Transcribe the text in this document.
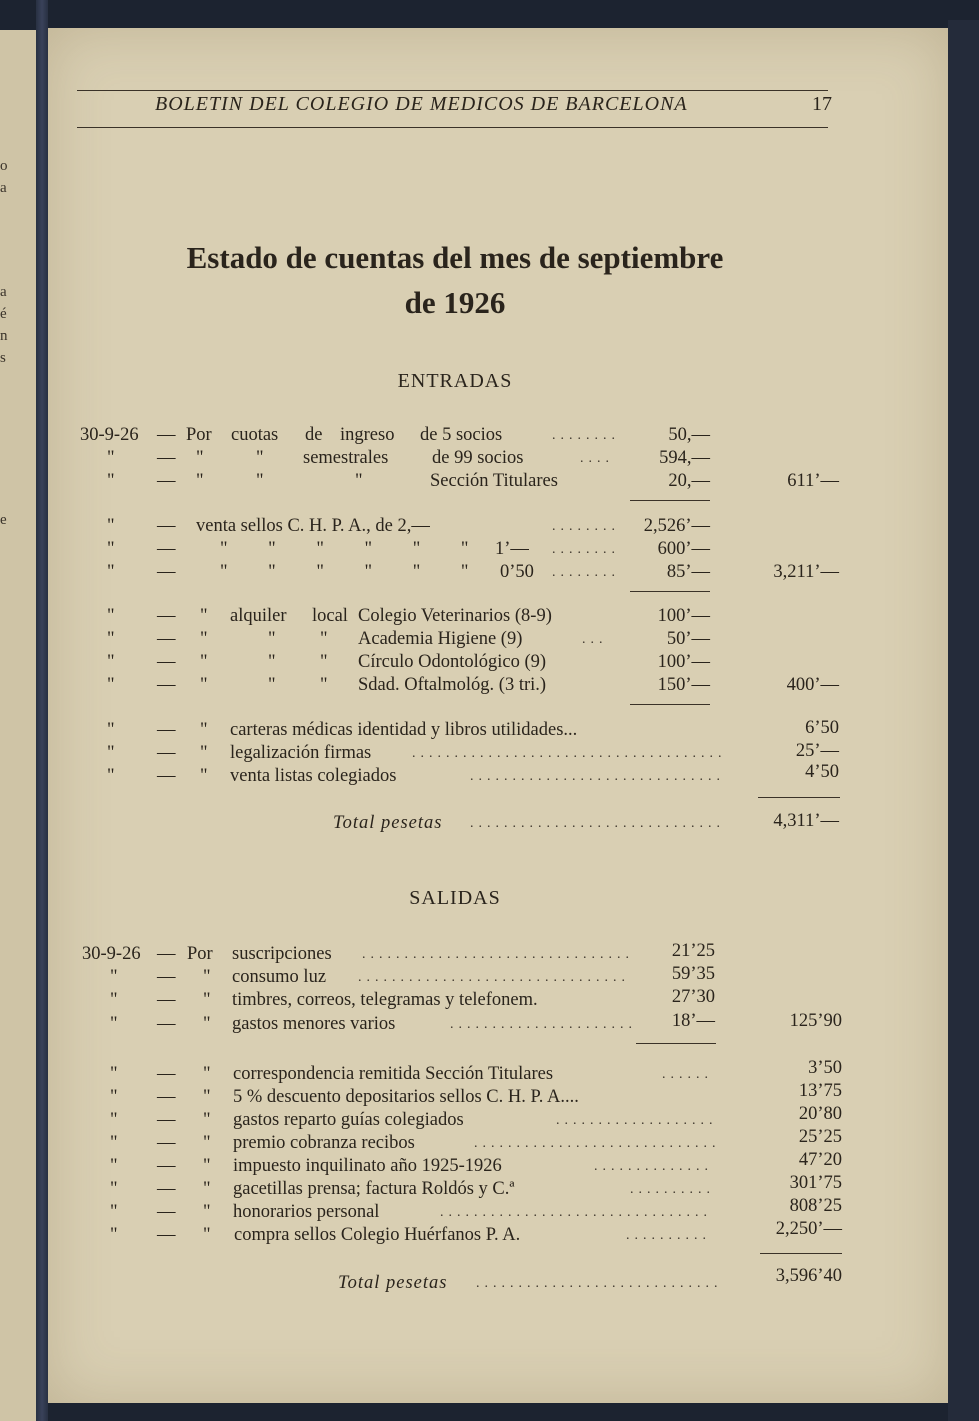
o
a
a
é
n
s
e
BOLETIN DEL COLEGIO DE MEDICOS DE BARCELONA	17
Estado de cuentas del mes de septiembre
de 1926
ENTRADAS
30-9-26 — Por cuotas de ingreso de 5 socios	........	50,—
" — "	" semestrales de 99 socios	....	594,—
" — "	"	"	Sección Titulares	20,—	611’—
" — venta sellos C. H. P. A., de 2,—	........	2,526’—
" — " " " " " " 1’— ........	600’—
" — " " " " " " 0’50 ........	85’—	3,211’—
" — " alquiler local Colegio Veterinarios (8-9)	100’—
" — "	" " Academia Higiene (9)	...	50’—
" — "	" " Círculo Odontológico (9)	100’—
" — "	" " Sdad. Oftalmológ. (3 tri.)	150’—	400’—
" — " carteras médicas identidad y libros utilidades...	6’50
" — " legalización firmas	.....................................	25’—
" — " venta listas colegiados	..............................	4’50
Total pesetas ..............................	4,311’—
SALIDAS
30-9-26 — Por suscripciones ................................	21’25
" — " consumo luz ................................	59’35
" — " timbres, correos, telegramas y telefonem.	27’30
" — " gastos menores varios	......................	18’—	125’90
" — " correspondencia remitida Sección Titulares	......	3’50
" — " 5 % descuento depositarios sellos C. H. P. A....	13’75
" — " gastos reparto guías colegiados	...................	20’80
" — " premio cobranza recibos	.............................	25’25
" — " impuesto inquilinato año 1925-1926	..............	47’20
" — " gacetillas prensa; factura Roldós y C.ª	..........	301’75
" — " honorarios personal	................................	808’25
" — " compra sellos Colegio Huérfanos P. A.	..........	2,250’—
Total pesetas .............................	3,596’40
